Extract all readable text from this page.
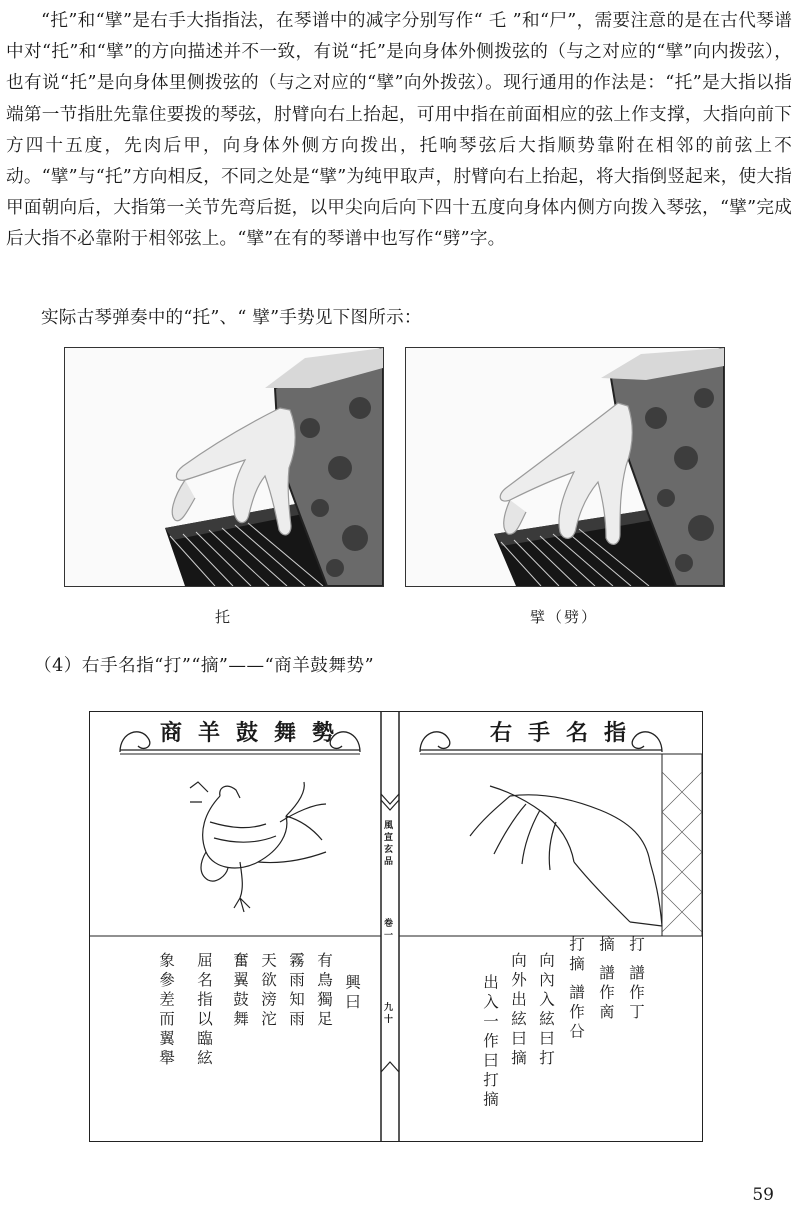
“托”和“擘”是右手大指指法，在琴谱中的减字分别写作“ 乇 ”和“尸”，需要注意的是在古代琴谱中对“托”和“擘”的方向描述并不一致，有说“托”是向身体外侧拨弦的（与之对应的“擘”向内拨弦），也有说“托”是向身体里侧拨弦的（与之对应的“擘”向外拨弦）。现行通用的作法是：“托”是大指以指端第一节指肚先靠住要拨的琴弦，肘臂向右上抬起，可用中指在前面相应的弦上作支撑，大指向前下方四十五度，先肉后甲，向身体外侧方向拨出，托响琴弦后大指顺势靠附在相邻的前弦上不动。“擘”与“托”方向相反，不同之处是“擘”为纯甲取声，肘臂向右上抬起，将大指倒竖起来，使大指甲面朝向后，大指第一关节先弯后挺，以甲尖向后向下四十五度向身体内侧方向拨入琴弦，“擘”完成后大指不必靠附于相邻弦上。“擘”在有的琴谱中也写作“劈”字。

实际古琴弹奏中的“托”、“ 擘”手势见下图所示：

托	擘（劈）
（4）右手名指“打”“摘”——“商羊鼓舞势”
商羊鼓舞勢	右手名指
風宣玄品
卷一
九十
興曰
有鳥獨足
霧雨知雨
天欲滂沱
奮翼鼓舞
屈名指以臨絃
象參差而翼舉	打 譜作丁
摘 譜作啇
打摘 譜作㕣
向內入絃曰打
向外出絃曰摘
出入一作曰打摘
59
